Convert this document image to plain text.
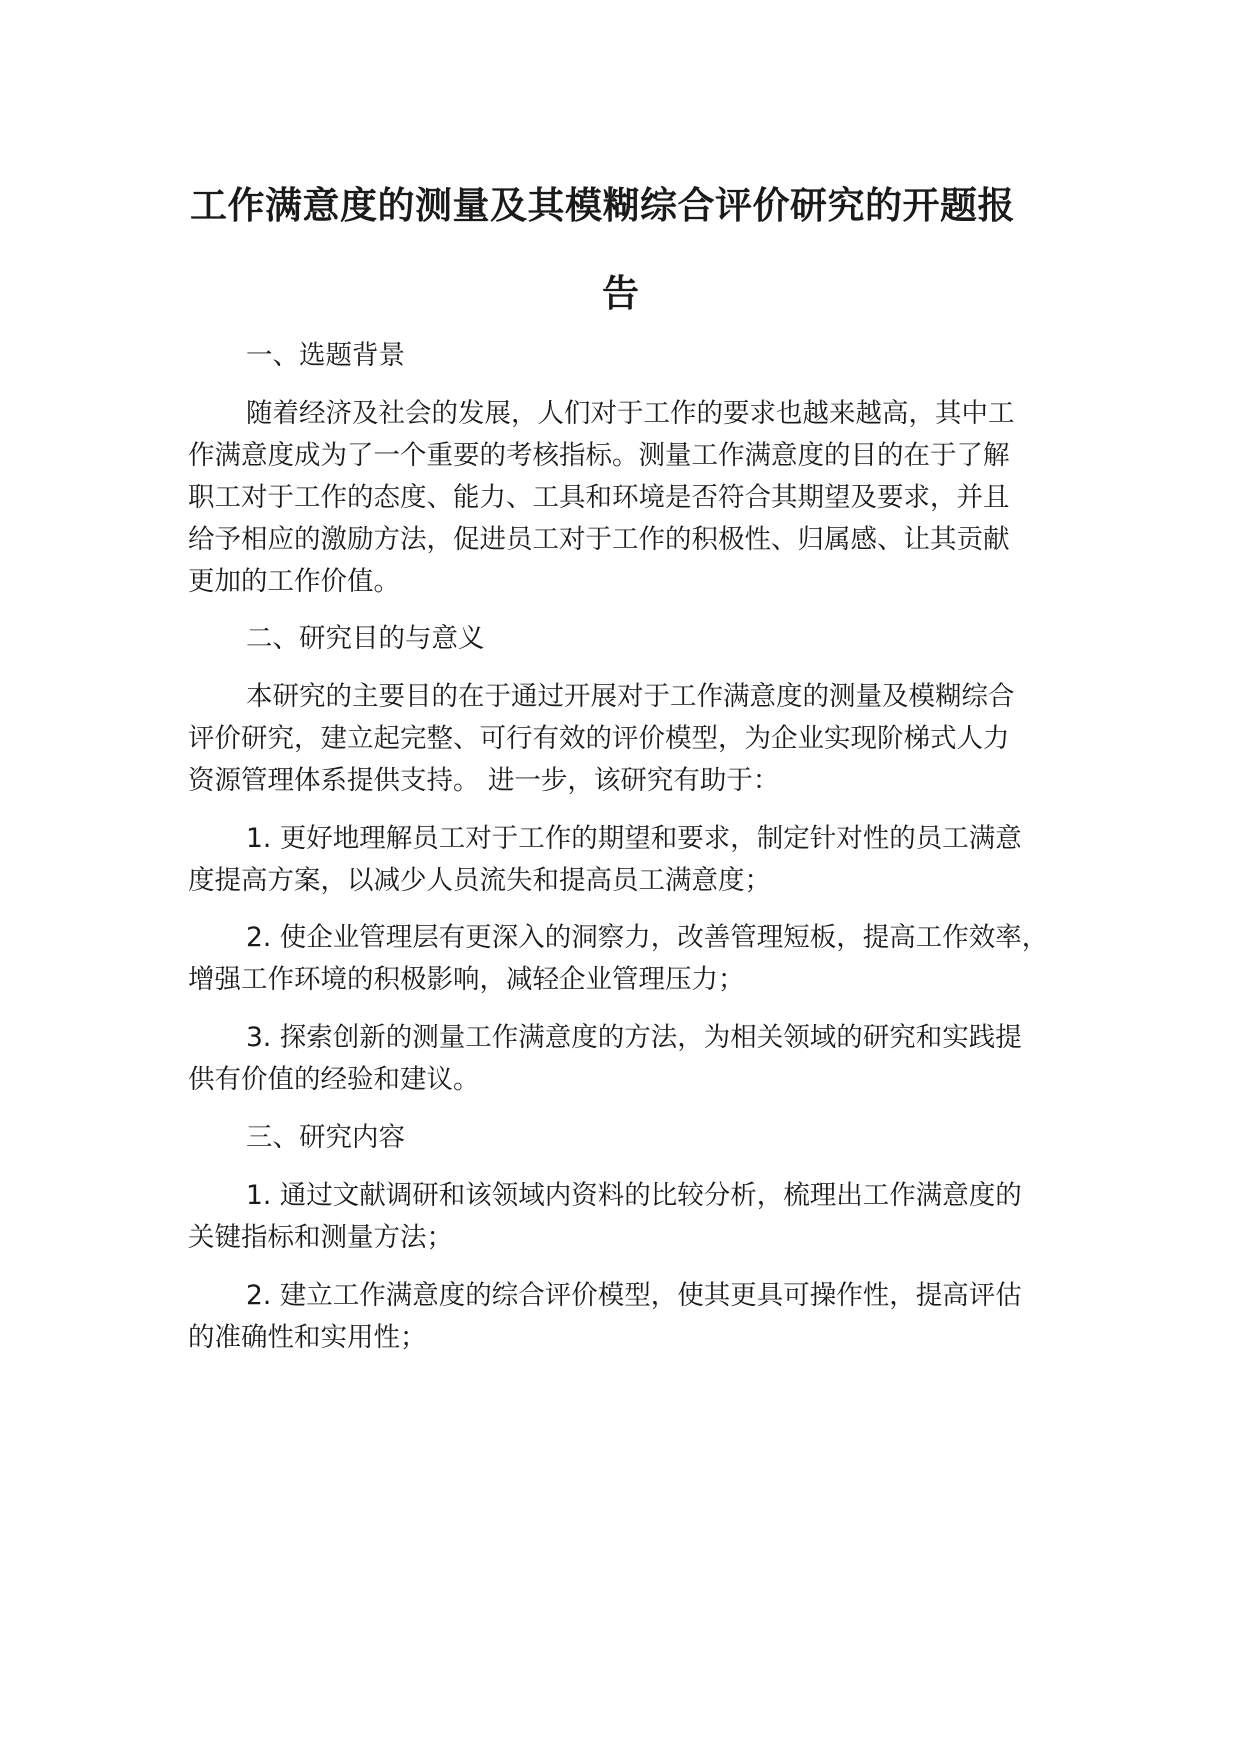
工作满意度的测量及其模糊综合评价研究的开题报
告
一、选题背景
随着经济及社会的发展，人们对于工作的要求也越来越高，其中工
作满意度成为了一个重要的考核指标。测量工作满意度的目的在于了解
职工对于工作的态度、能力、工具和环境是否符合其期望及要求，并且
给予相应的激励方法，促进员工对于工作的积极性、归属感、让其贡献
更加的工作价值。
二、研究目的与意义
本研究的主要目的在于通过开展对于工作满意度的测量及模糊综合
评价研究，建立起完整、可行有效的评价模型，为企业实现阶梯式人力
资源管理体系提供支持。 进一步，该研究有助于：
1. 更好地理解员工对于工作的期望和要求，制定针对性的员工满意
度提高方案，以减少人员流失和提高员工满意度；
2. 使企业管理层有更深入的洞察力，改善管理短板，提高工作效率，
增强工作环境的积极影响，减轻企业管理压力；
3. 探索创新的测量工作满意度的方法，为相关领域的研究和实践提
供有价值的经验和建议。
三、研究内容
1. 通过文献调研和该领域内资料的比较分析，梳理出工作满意度的
关键指标和测量方法；
2. 建立工作满意度的综合评价模型，使其更具可操作性，提高评估
的准确性和实用性；
